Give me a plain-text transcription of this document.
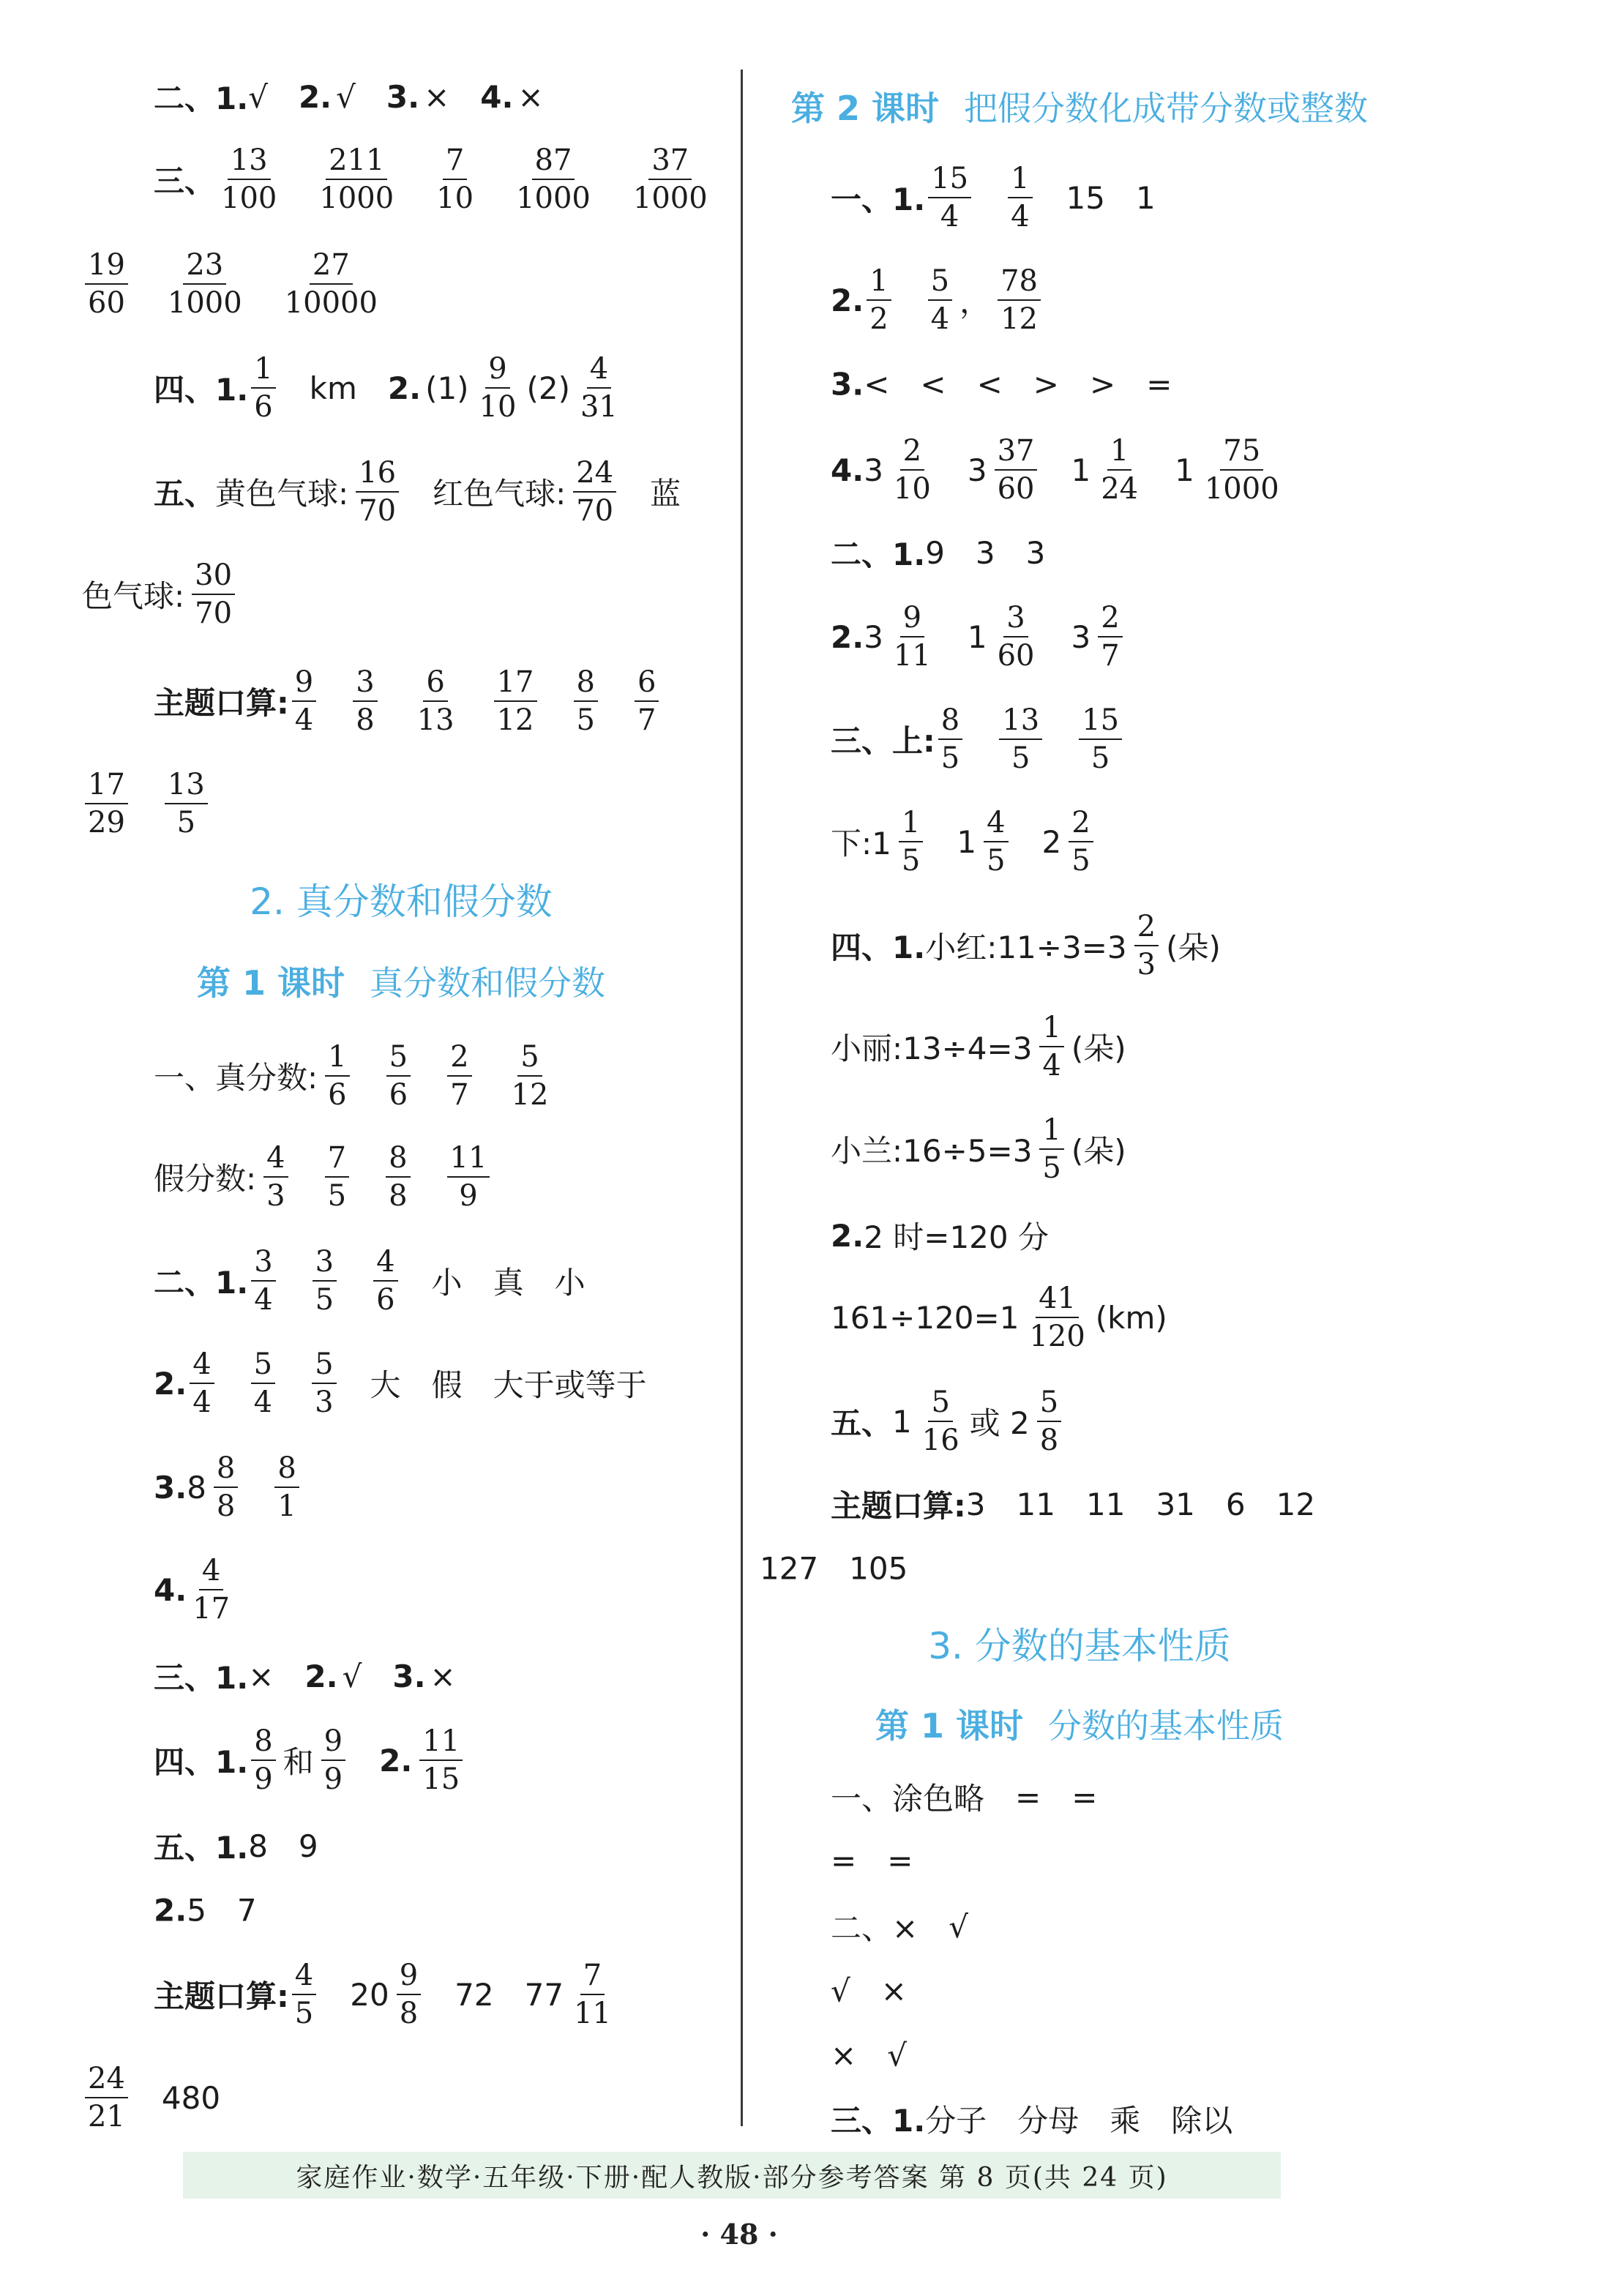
二、1. √ 2. √ 3. × 4. ×
三、 $\frac{13}{100} \frac{211}{1000} \frac{7}{10} \frac{87}{1000} \frac{37}{1000}$
$\frac{19}{60} \frac{23}{1000} \frac{27}{10000}$
四、1. $\frac{1}{6}$ km 2. $(1) \frac{9}{10} (2) \frac{4}{31}$
五、 黄色气球: $\frac{16}{70}$ 红色气球: $\frac{24}{70}$ 蓝
色气球: $\frac{30}{70}$
主题口算: $\frac{9}{4} \frac{3}{8} \frac{6}{13} \frac{17}{12} \frac{8}{5} \frac{6}{7}$
$\frac{17}{29} \frac{13}{5}$
一、真分数: $\frac{1}{6} \frac{5}{6} \frac{2}{7} \frac{5}{12}$
假分数: $\frac{4}{3} \frac{7}{5} \frac{8}{8} \frac{11}{9}$
二、1. $\frac{3}{4} \frac{3}{5} \frac{4}{6}$ 小 真 小
2. $\frac{4}{4} \frac{5}{4} \frac{5}{3}$ 大 假 大于或等于
3. $8 \frac{8}{8} \frac{8}{1}$
4. $\frac{4}{17}$
三、1. × 2. √ 3. ×
四、1. $\frac{8}{9}$ 和 $\frac{9}{9} 2$. $\frac{11}{15}$
五、1. 8 9
2. 5 7
主题口算: $\frac{4}{5} 20 \frac{9}{8} 72$ $77 \frac{7}{11}$
$\frac{24}{21} 480$
一、1. $\frac{15}{4} \frac{1}{4} 15$ 1
2. $\frac{1}{2} \frac{5}{4}$ ， $\frac{78}{12}$
3. < < < > > =
4. $3 \frac{2}{10} 3 \frac{37}{60} 1 \frac{1}{24} 1 \frac{75}{1000}$
二、1. 9 3 3
2. $3 \frac{9}{11} 1 \frac{3}{60} 3 \frac{2}{7}$
三、上: $\frac{8}{5} \frac{13}{5} \frac{15}{5}$
下:1 $\frac{1}{5} 1 \frac{4}{5} 2 \frac{2}{5}$
四、1. 小红:11÷3=3 $\frac{2}{3}$ (朵)
小丽:13÷4=3 $\frac{1}{4}$ (朵)
小兰:16÷5=3 $\frac{1}{5}$ (朵)
2. 2 时=120 分
$161\div 120=1 \frac{41}{120} (km)$
五、 $1 \frac{5}{16}$ 或 $2 \frac{5}{8}$
主题口算: 3 11 11 31 6 12
127 105
一、涂色略 = =
= =
二、× √
√ ×
× √
三、1. 分子 分母 乘 除以
第 2 课时 把假分数化成带分数或整数
2. 真分数和假分数
第 1 课时 真分数和假分数
3. 分数的基本性质
第 1 课时 分数的基本性质
家庭作业·数学·五年级·下册·配人教版·部分参考答案 第 8 页(共 24 页)
· 48 ·
